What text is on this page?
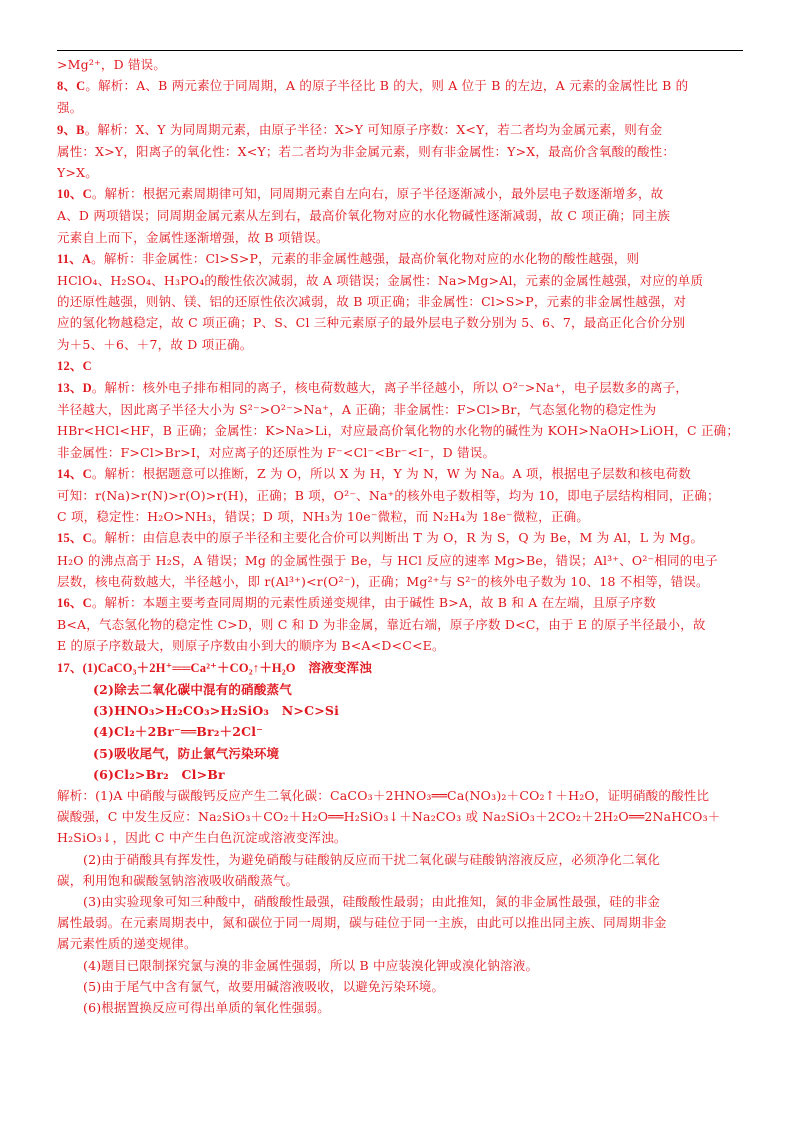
>Mg²⁺，D 错误。
8、C。解析：A、B 两元素位于同周期，A 的原子半径比 B 的大，则 A 位于 B 的左边，A 元素的金属性比 B 的
强。
9、B。解析：X、Y 为同周期元素，由原子半径：X>Y 可知原子序数：X<Y，若二者均为金属元素，则有金
属性：X>Y，阳离子的氧化性：X<Y；若二者均为非金属元素，则有非金属性：Y>X，最高价含氧酸的酸性：
Y>X。
10、C。解析：根据元素周期律可知，同周期元素自左向右，原子半径逐渐减小，最外层电子数逐渐增多，故
A、D 两项错误；同周期金属元素从左到右，最高价氧化物对应的水化物碱性逐渐减弱，故 C 项正确；同主族
元素自上而下，金属性逐渐增强，故 B 项错误。
11、A。解析：非金属性：Cl>S>P，元素的非金属性越强，最高价氧化物对应的水化物的酸性越强，则
HClO₄、H₂SO₄、H₃PO₄的酸性依次减弱，故 A 项错误；金属性：Na>Mg>Al，元素的金属性越强，对应的单质
的还原性越强，则钠、镁、铝的还原性依次减弱，故 B 项正确；非金属性：Cl>S>P，元素的非金属性越强，对
应的氢化物越稳定，故 C 项正确；P、S、Cl 三种元素原子的最外层电子数分别为 5、6、7，最高正化合价分别
为＋5、＋6、＋7，故 D 项正确。
12、C
13、D。解析：核外电子排布相同的离子，核电荷数越大，离子半径越小，所以 O²⁻>Na⁺，电子层数多的离子，
半径越大，因此离子半径大小为 S²⁻>O²⁻>Na⁺，A 正确；非金属性：F>Cl>Br，气态氢化物的稳定性为
HBr<HCl<HF，B 正确；金属性：K>Na>Li，对应最高价氧化物的水化物的碱性为 KOH>NaOH>LiOH，C 正确；
非金属性：F>Cl>Br>I，对应离子的还原性为 F⁻<Cl⁻<Br⁻<I⁻，D 错误。
14、C。解析：根据题意可以推断，Z 为 O，所以 X 为 H，Y 为 N，W 为 Na。A 项，根据电子层数和核电荷数
可知：r(Na)>r(N)>r(O)>r(H)，正确；B 项，O²⁻、Na⁺的核外电子数相等，均为 10，即电子层结构相同，正确；
C 项，稳定性：H₂O>NH₃，错误；D 项，NH₃为 10e⁻微粒，而 N₂H₄为 18e⁻微粒，正确。
15、C。解析：由信息表中的原子半径和主要化合价可以判断出 T 为 O，R 为 S，Q 为 Be，M 为 Al，L 为 Mg。
H₂O 的沸点高于 H₂S，A 错误；Mg 的金属性强于 Be，与 HCl 反应的速率 Mg>Be，错误；Al³⁺、O²⁻相同的电子
层数，核电荷数越大，半径越小，即 r(Al³⁺)<r(O²⁻)，正确；Mg²⁺与 S²⁻的核外电子数为 10、18 不相等，错误。
16、C。解析：本题主要考查同周期的元素性质递变规律，由于碱性 B>A，故 B 和 A 在左端，且原子序数
B<A，气态氢化物的稳定性 C>D，则 C 和 D 为非金属，靠近右端，原子序数 D<C，由于 E 的原子半径最小，故
E 的原子序数最大，则原子序数由小到大的顺序为 B<A<D<C<E。
17、(1)CaCO₃＋2H⁺══Ca²⁺＋CO₂↑＋H₂O　溶液变浑浊
(2)除去二氧化碳中混有的硝酸蒸气
(3)HNO₃>H₂CO₃>H₂SiO₃　N>C>Si
(4)Cl₂＋2Br⁻══Br₂＋2Cl⁻
(5)吸收尾气，防止氯气污染环境
(6)Cl₂>Br₂　Cl>Br
解析：(1)A 中硝酸与碳酸钙反应产生二氧化碳：CaCO₃＋2HNO₃══Ca(NO₃)₂＋CO₂↑＋H₂O，证明硝酸的酸性比
碳酸强，C 中发生反应：Na₂SiO₃＋CO₂＋H₂O══H₂SiO₃↓＋Na₂CO₃ 或 Na₂SiO₃＋2CO₂＋2H₂O══2NaHCO₃＋
H₂SiO₃↓，因此 C 中产生白色沉淀或溶液变浑浊。
(2)由于硝酸具有挥发性，为避免硝酸与硅酸钠反应而干扰二氧化碳与硅酸钠溶液反应，必须净化二氧化
碳，利用饱和碳酸氢钠溶液吸收硝酸蒸气。
(3)由实验现象可知三种酸中，硝酸酸性最强，硅酸酸性最弱；由此推知，氮的非金属性最强，硅的非金
属性最弱。在元素周期表中，氮和碳位于同一周期，碳与硅位于同一主族，由此可以推出同主族、同周期非金
属元素性质的递变规律。
(4)题目已限制探究氯与溴的非金属性强弱，所以 B 中应装溴化钾或溴化钠溶液。
(5)由于尾气中含有氯气，故要用碱溶液吸收，以避免污染环境。
(6)根据置换反应可得出单质的氧化性强弱。
